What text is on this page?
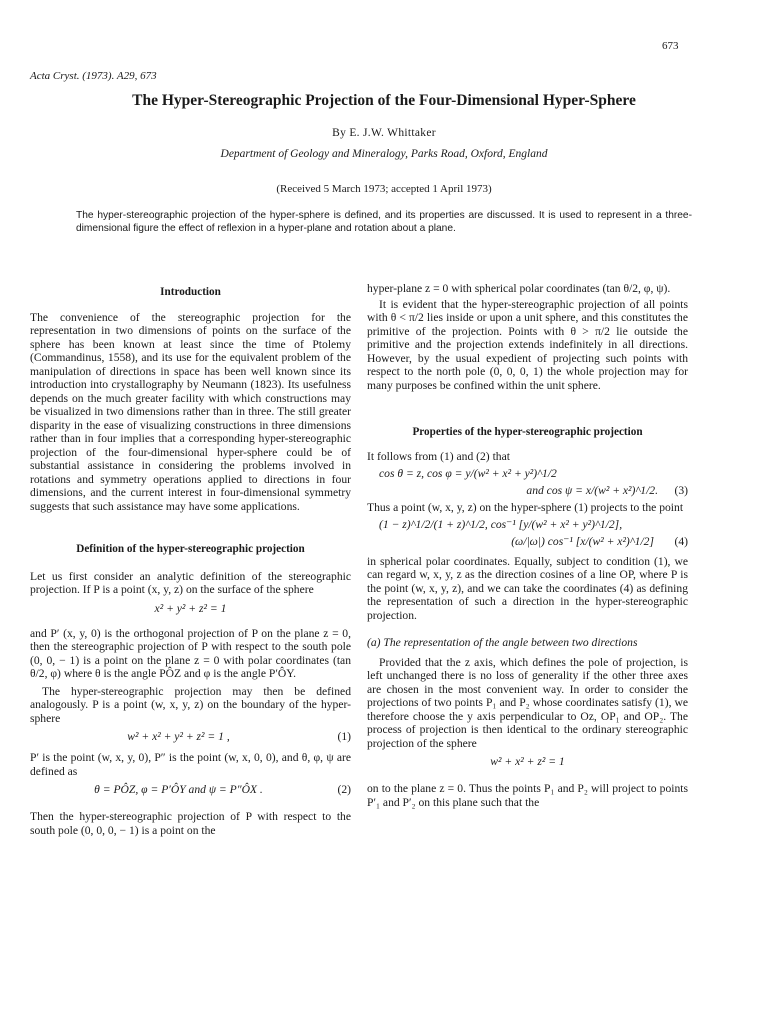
673
Acta Cryst. (1973). A29, 673
The Hyper-Stereographic Projection of the Four-Dimensional Hyper-Sphere
By E. J.W. Whittaker
Department of Geology and Mineralogy, Parks Road, Oxford, England
(Received 5 March 1973; accepted 1 April 1973)
The hyper-stereographic projection of the hyper-sphere is defined, and its properties are discussed. It is used to represent in a three-dimensional figure the effect of reflexion in a hyper-plane and rotation about a plane.
Introduction

The convenience of the stereographic projection for the representation in two dimensions of points on the surface of the sphere has been known at least since the time of Ptolemy (Commandinus, 1558), and its use for the equivalent problem of the manipulation of directions in space has been well known since its introduction into crystallography by Neumann (1823). Its usefulness depends on the much greater facility with which constructions may be visualized in two dimensions rather than in three. The still greater disparity in the ease of visualizing constructions in three dimensions rather than in four implies that a corresponding hyper-stereographic projection of the four-dimensional hyper-sphere could be of substantial assistance in considering the problems involved in rotations and symmetry operations applied to directions in four dimensions, and the current interest in four-dimensional symmetry suggests that such assistance may have some applications.

Definition of the hyper-stereographic projection

Let us first consider an analytic definition of the stereographic projection. If P is a point (x, y, z) on the surface of the sphere

x² + y² + z² = 1

and P′ (x, y, 0) is the orthogonal projection of P on the plane z = 0, then the stereographic projection of P with respect to the south pole (0, 0, − 1) is a point on the plane z = 0 with polar coordinates (tan θ/2, φ) where θ is the angle PÔZ and φ is the angle P′ÔY.

The hyper-stereographic projection may then be defined analogously. P is a point (w, x, y, z) on the boundary of the hyper-sphere

w² + x² + y² + z² = 1 ,	(1)

P′ is the point (w, x, y, 0), P″ is the point (w, x, 0, 0), and θ, φ, ψ are defined as

θ = PÔZ, φ = P′ÔY and ψ = P″ÔX .	(2)

Then the hyper-stereographic projection of P with respect to the south pole (0, 0, 0, − 1) is a point on the

hyper-plane z = 0 with spherical polar coordinates (tan θ/2, φ, ψ).

It is evident that the hyper-stereographic projection of all points with θ < π/2 lies inside or upon a unit sphere, and this constitutes the primitive of the projection. Points with θ > π/2 lie outside the primitive and the projection extends indefinitely in all directions. However, by the usual expedient of projecting such points with respect to the north pole (0, 0, 0, 1) the whole projection may for many purposes be confined within the unit sphere.

Properties of the hyper-stereographic projection

It follows from (1) and (2) that

cos θ = z, cos φ = y/(w² + x² + y²)^1/2
and cos ψ = x/(w² + x²)^1/2.	(3)

Thus a point (w, x, y, z) on the hyper-sphere (1) projects to the point

(1 − z)^1/2/(1 + z)^1/2, cos⁻¹ [y/(w² + x² + y²)^1/2],
(ω/|ω|) cos⁻¹ [x/(w² + x²)^1/2]	(4)

in spherical polar coordinates. Equally, subject to condition (1), we can regard w, x, y, z as the direction cosines of a line OP, where P is the point (w, x, y, z), and we can take the coordinates (4) as defining the representation of such a direction in the hyper-stereographic projection.

(a) The representation of the angle between two directions

Provided that the z axis, which defines the pole of projection, is left unchanged there is no loss of generality if the other three axes are chosen in the most convenient way. In order to consider the projections of two points P₁ and P₂ whose coordinates satisfy (1), we therefore choose the y axis perpendicular to Oz, OP₁ and OP₂. The process of projection is then identical to the ordinary stereographic projection of the sphere

w² + x² + z² = 1

on to the plane z = 0. Thus the points P₁ and P₂ will project to points P′₁ and P′₂ on this plane such that the
